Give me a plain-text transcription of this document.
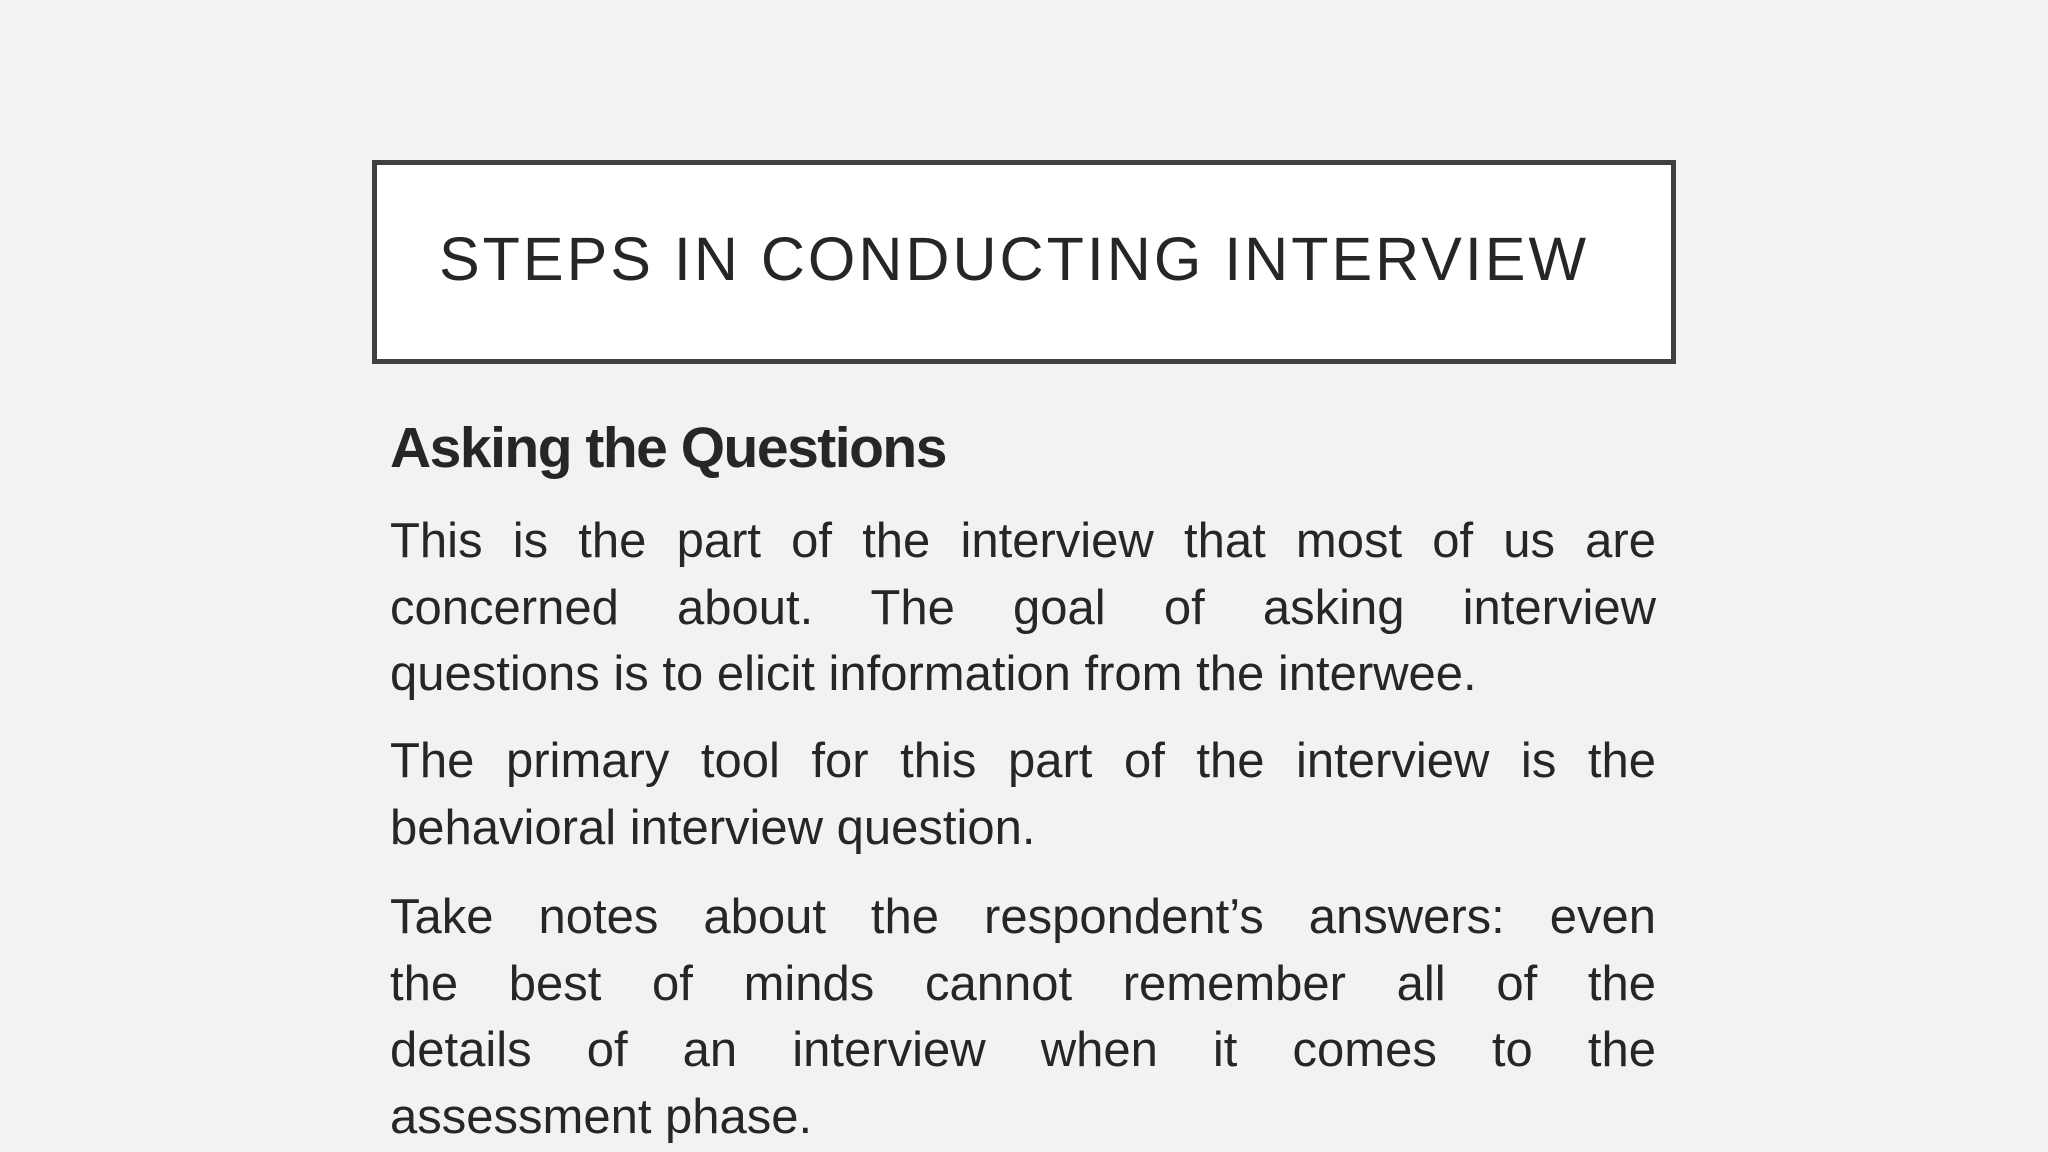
STEPS IN CONDUCTING INTERVIEW
Asking the Questions
This is the part of the interview that most of us are
concerned about. The goal of asking interview
questions is to elicit information from the interwee.
The primary tool for this part of the interview is the
behavioral interview question.
Take notes about the respondent’s answers: even
the best of minds cannot remember all of the
details of an interview when it comes to the
assessment phase.
